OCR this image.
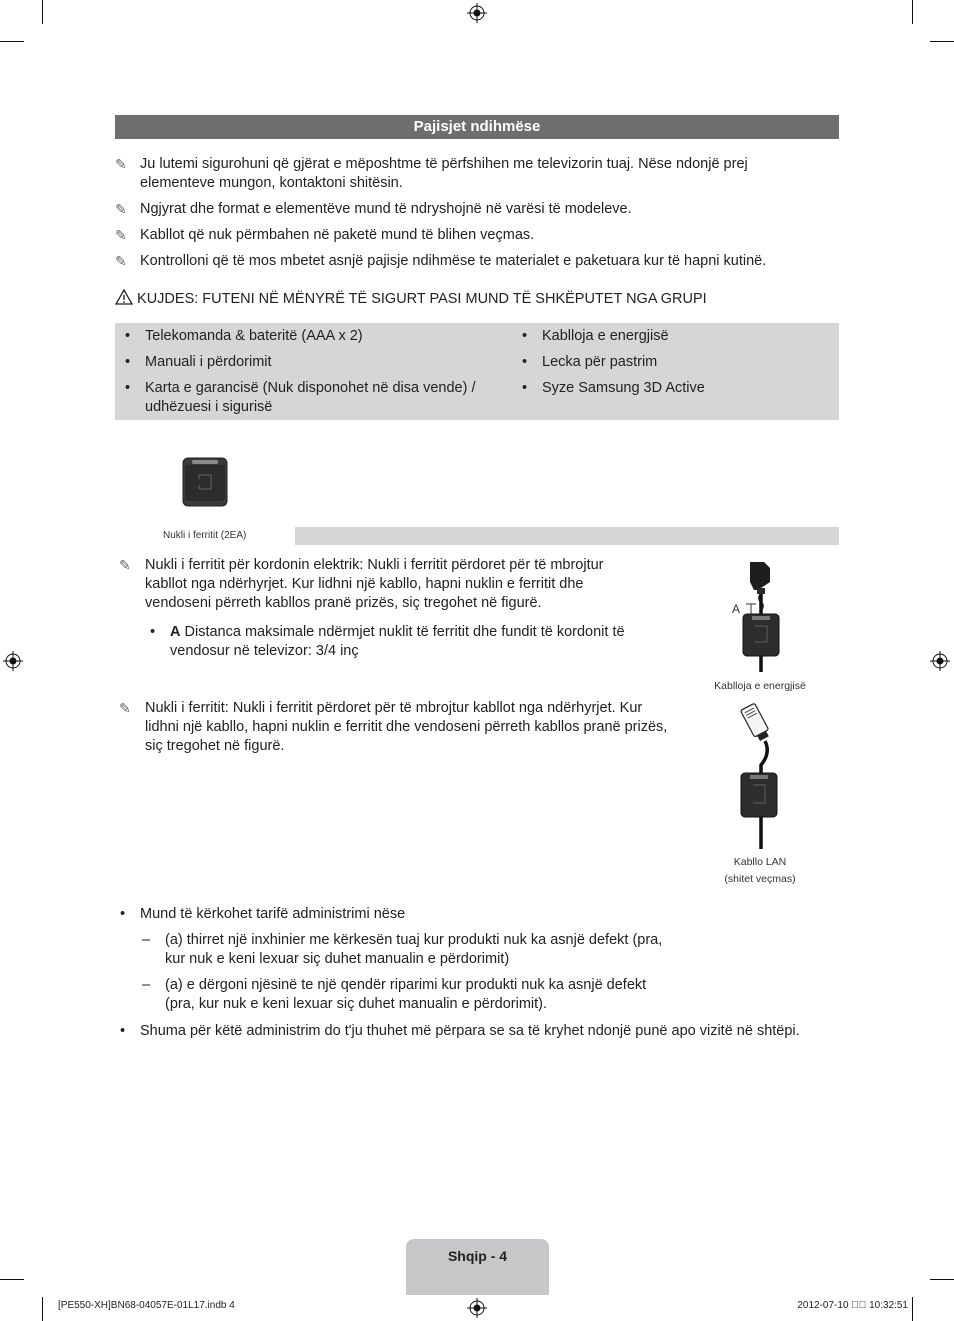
Pajisjet ndihmëse
✎ Ju lutemi sigurohuni që gjërat e mëposhtme të përfshihen me televizorin tuaj. Nëse ndonjë prej elementeve mungon, kontaktoni shitësin.
✎ Ngjyrat dhe format e elementëve mund të ndryshojnë në varësi të modeleve.
✎ Kabllot që nuk përmbahen në paketë mund të blihen veçmas.
✎ Kontrolloni që të mos mbetet asnjë pajisje ndihmëse te materialet e paketuara kur të hapni kutinë.
KUJDES: FUTENI NË MËNYRË TË SIGURT PASI MUND TË SHKËPUTET NGA GRUPI
• Telekomanda & bateritë (AAA x 2)
• Manuali i përdorimit
• Karta e garancisë (Nuk disponohet në disa vende) / udhëzuesi i sigurisë
• Kablloja e energjisë
• Lecka për pastrim
• Syze Samsung 3D Active
Nukli i ferritit (2EA)
✎ Nukli i ferritit për kordonin elektrik: Nukli i ferritit përdoret për të mbrojtur kabllot nga ndërhyrjet. Kur lidhni një kabllo, hapni nuklin e ferritit dhe vendoseni përreth kabllos pranë prizës, siç tregohet në figurë.
• A Distanca maksimale ndërmjet nuklit të ferritit dhe fundit të kordonit të vendosur në televizor: 3/4 inç
A
Kablloja e energjisë
✎ Nukli i ferritit: Nukli i ferritit përdoret për të mbrojtur kabllot nga ndërhyrjet. Kur lidhni një kabllo, hapni nuklin e ferritit dhe vendoseni përreth kabllos pranë prizës, siç tregohet në figurë.
Kabllo LAN
(shitet veçmas)
• Mund të kërkohet tarifë administrimi nëse
– (a) thirret një inxhinier me kërkesën tuaj kur produkti nuk ka asnjë defekt (pra, kur nuk e keni lexuar siç duhet manualin e përdorimit)
– (a) e dërgoni njësinë te një qendër riparimi kur produkti nuk ka asnjë defekt (pra, kur nuk e keni lexuar siç duhet manualin e përdorimit).
• Shuma për këtë administrim do t'ju thuhet më përpara se sa të kryhet ndonjë punë apo vizitë në shtëpi.
Shqip - 4
[PE550-XH]BN68-04057E-01L17.indb 4	2012-07-10 ￿￿ 10:32:51
